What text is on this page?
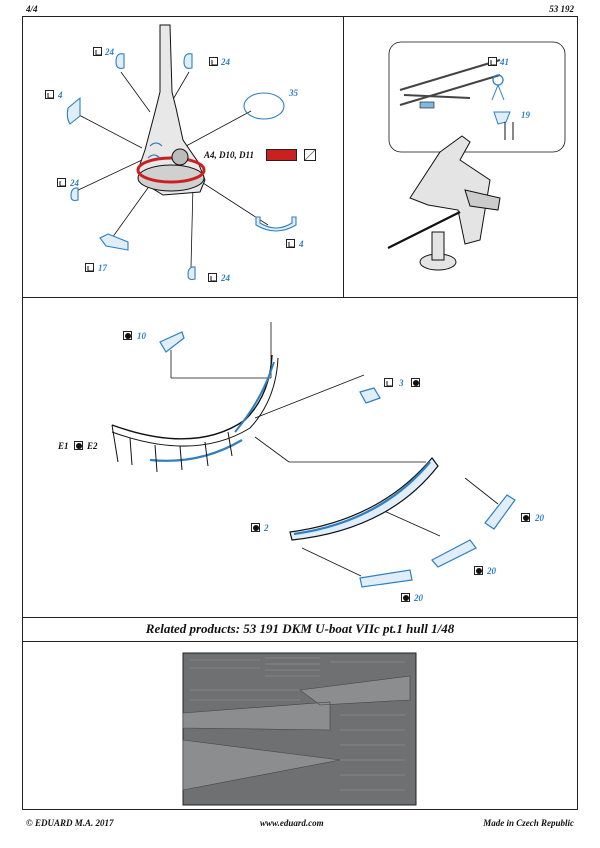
4/4	53 192
24
24
4	35
A4, D10, D11
24
17
24
4
41
19
10
3
E1 E2
2
20
20
20
Related products: 53 191 DKM U-boat VIIc pt.1 hull 1/48
© EDUARD M.A. 2017	www.eduard.com	Made in Czech Republic
